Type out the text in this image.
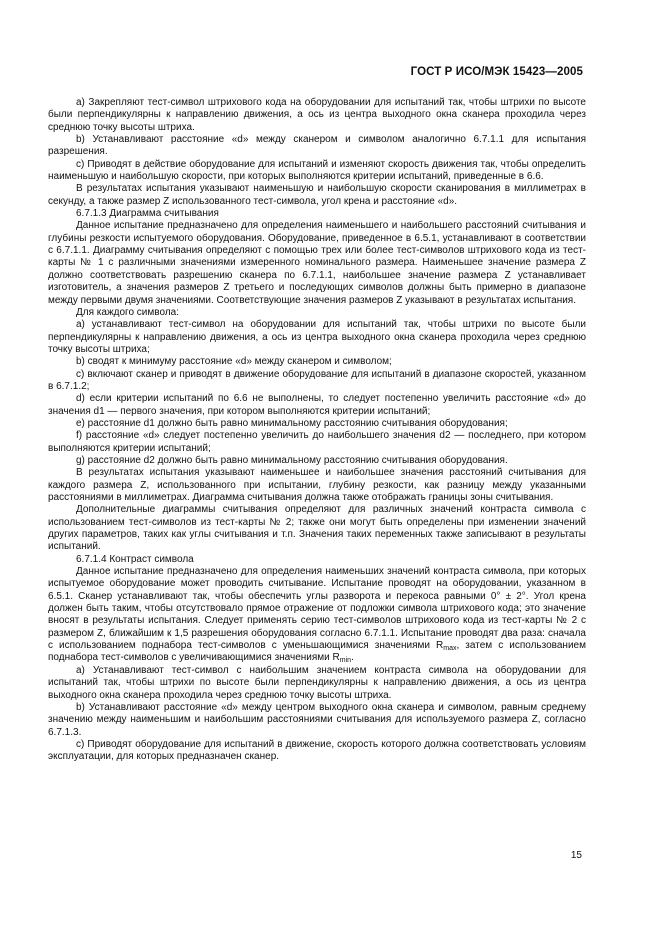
ГОСТ Р ИСО/МЭК 15423—2005

а) Закрепляют тест-символ штрихового кода на оборудовании для испытаний так, чтобы штрихи по высоте были перпендикулярны к направлению движения, а ось из центра выходного окна сканера проходила через среднюю точку высоты штриха.

b) Устанавливают расстояние «d» между сканером и символом аналогично 6.7.1.1 для испытания разрешения.

c) Приводят в действие оборудование для испытаний и изменяют скорость движения так, чтобы определить наименьшую и наибольшую скорости, при которых выполняются критерии испытаний, приведенные в 6.6.

В результатах испытания указывают наименьшую и наибольшую скорости сканирования в миллиметрах в секунду, а также размер Z использованного тест-символа, угол крена и расстояние «d».

6.7.1.3 Диаграмма считывания

Данное испытание предназначено для определения наименьшего и наибольшего расстояний считывания и глубины резкости испытуемого оборудования. Оборудование, приведенное в 6.5.1, устанавливают в соответствии с 6.7.1.1. Диаграмму считывания определяют с помощью трех или более тест-символов штрихового кода из тест-карты № 1 с различными значениями измеренного номинального размера. Наименьшее значение размера Z должно соответствовать разрешению сканера по 6.7.1.1, наибольшее значение размера Z устанавливает изготовитель, а значения размеров Z третьего и последующих символов должны быть примерно в диапазоне между первыми двумя значениями. Соответствующие значения размеров Z указывают в результатах испытания.

Для каждого символа:

а) устанавливают тест-символ на оборудовании для испытаний так, чтобы штрихи по высоте были перпендикулярны к направлению движения, а ось из центра выходного окна сканера проходила через среднюю точку высоты штриха;

b) сводят к минимуму расстояние «d» между сканером и символом;

c) включают сканер и приводят в движение оборудование для испытаний в диапазоне скоростей, указанном в 6.7.1.2;

d) если критерии испытаний по 6.6 не выполнены, то следует постепенно увеличить расстояние «d» до значения d1 — первого значения, при котором выполняются критерии испытаний;

e) расстояние d1 должно быть равно минимальному расстоянию считывания оборудования;

f) расстояние «d» следует постепенно увеличить до наибольшего значения d2 — последнего, при котором выполняются критерии испытаний;

g) расстояние d2 должно быть равно минимальному расстоянию считывания оборудования.

В результатах испытания указывают наименьшее и наибольшее значения расстояний считывания для каждого размера Z, использованного при испытании, глубину резкости, как разницу между указанными расстояниями в миллиметрах. Диаграмма считывания должна также отображать границы зоны считывания.

Дополнительные диаграммы считывания определяют для различных значений контраста символа с использованием тест-символов из тест-карты № 2; также они могут быть определены при изменении значений других параметров, таких как углы считывания и т.п. Значения таких переменных также записывают в результаты испытаний.

6.7.1.4 Контраст символа

Данное испытание предназначено для определения наименьших значений контраста символа, при которых испытуемое оборудование может проводить считывание. Испытание проводят на оборудовании, указанном в 6.5.1. Сканер устанавливают так, чтобы обеспечить углы разворота и перекоса равными 0° ± 2°. Угол крена должен быть таким, чтобы отсутствовало прямое отражение от подложки символа штрихового кода; это значение вносят в результаты испытания. Следует применять серию тест-символов штрихового кода из тест-карты № 2 с размером Z, ближайшим к 1,5 разрешения оборудования согласно 6.7.1.1. Испытание проводят два раза: сначала с использованием поднабора тест-символов с уменьшающимися значениями $R_{max}$, затем с использованием поднабора тест-символов с увеличивающимися значениями $R_{min}$.

а) Устанавливают тест-символ с наибольшим значением контраста символа на оборудовании для испытаний так, чтобы штрихи по высоте были перпендикулярны к направлению движения, а ось из центра выходного окна сканера проходила через среднюю точку высоты штриха.

b) Устанавливают расстояние «d» между центром выходного окна сканера и символом, равным среднему значению между наименьшим и наибольшим расстояниями считывания для используемого размера Z, согласно 6.7.1.3.

c) Приводят оборудование для испытаний в движение, скорость которого должна соответствовать условиям эксплуатации, для которых предназначен сканер.

15
